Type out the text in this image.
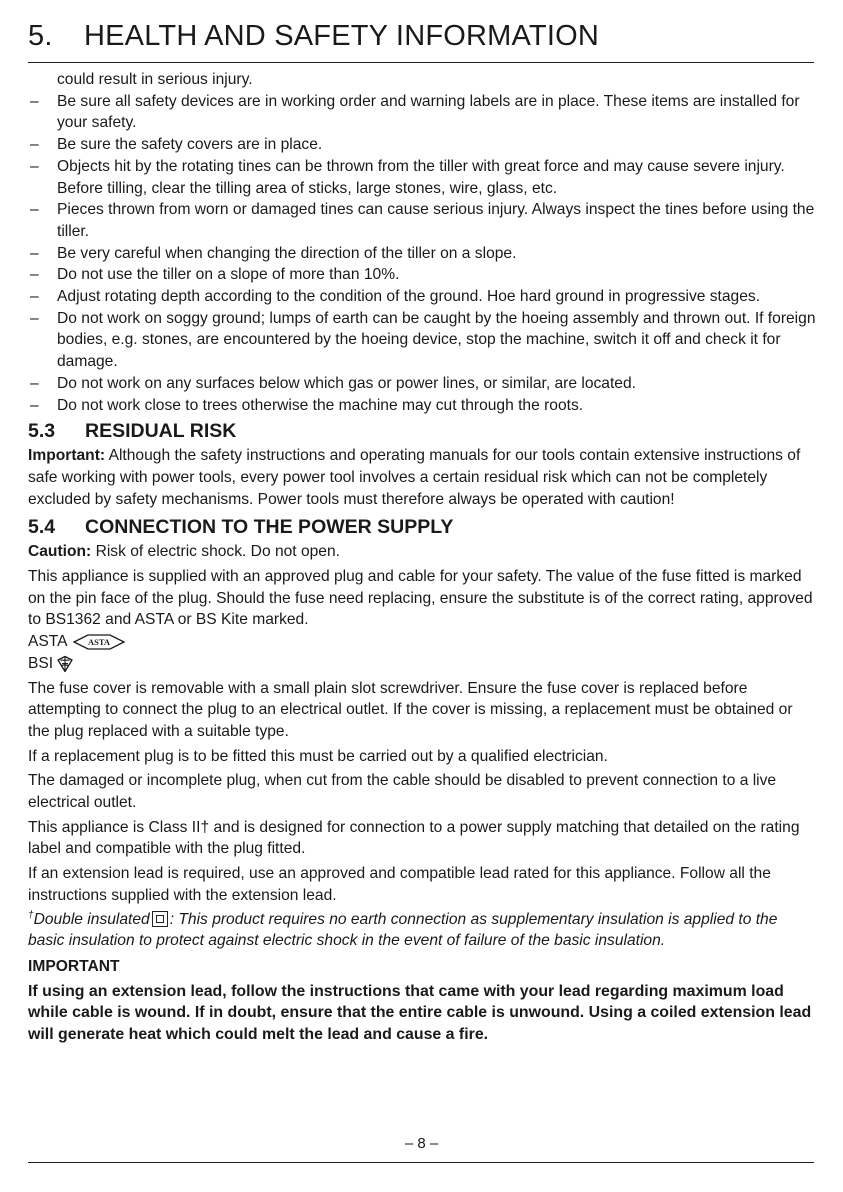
5. HEALTH AND SAFETY INFORMATION
could result in serious injury.
– Be sure all safety devices are in working order and warning labels are in place. These items are installed for your safety.
– Be sure the safety covers are in place.
– Objects hit by the rotating tines can be thrown from the tiller with great force and may cause severe injury. Before tilling, clear the tilling area of sticks, large stones, wire, glass, etc.
– Pieces thrown from worn or damaged tines can cause serious injury. Always inspect the tines before using the tiller.
– Be very careful when changing the direction of the tiller on a slope.
– Do not use the tiller on a slope of more than 10%.
– Adjust rotating depth according to the condition of the ground. Hoe hard ground in progressive stages.
– Do not work on soggy ground; lumps of earth can be caught by the hoeing assembly and thrown out. If foreign bodies, e.g. stones, are encountered by the hoeing device, stop the machine, switch it off and check it for damage.
– Do not work on any surfaces below which gas or power lines, or similar, are located.
– Do not work close to trees otherwise the machine may cut through the roots.
5.3 RESIDUAL RISK

Important: Although the safety instructions and operating manuals for our tools contain extensive instructions of safe working with power tools, every power tool involves a certain residual risk which can not be completely excluded by safety mechanisms. Power tools must therefore always be operated with caution!

5.4 CONNECTION TO THE POWER SUPPLY

Caution: Risk of electric shock. Do not open.

This appliance is supplied with an approved plug and cable for your safety. The value of the fuse fitted is marked on the pin face of the plug. Should the fuse need replacing, ensure the substitute is of the correct rating, approved to BS1362 and ASTA or BS Kite marked.

ASTA ASTA
BSI

The fuse cover is removable with a small plain slot screwdriver. Ensure the fuse cover is replaced before attempting to connect the plug to an electrical outlet. If the cover is missing, a replacement must be obtained or the plug replaced with a suitable type.

If a replacement plug is to be fitted this must be carried out by a qualified electrician.

The damaged or incomplete plug, when cut from the cable should be disabled to prevent connection to a live electrical outlet.

This appliance is Class II† and is designed for connection to a power supply matching that detailed on the rating label and compatible with the plug fitted.

If an extension lead is required, use an approved and compatible lead rated for this appliance. Follow all the instructions supplied with the extension lead.

†Double insulated : This product requires no earth connection as supplementary insulation is applied to the basic insulation to protect against electric shock in the event of failure of the basic insulation.

IMPORTANT

If using an extension lead, follow the instructions that came with your lead regarding maximum load while cable is wound. If in doubt, ensure that the entire cable is unwound. Using a coiled extension lead will generate heat which could melt the lead and cause a fire.

– 8 –
